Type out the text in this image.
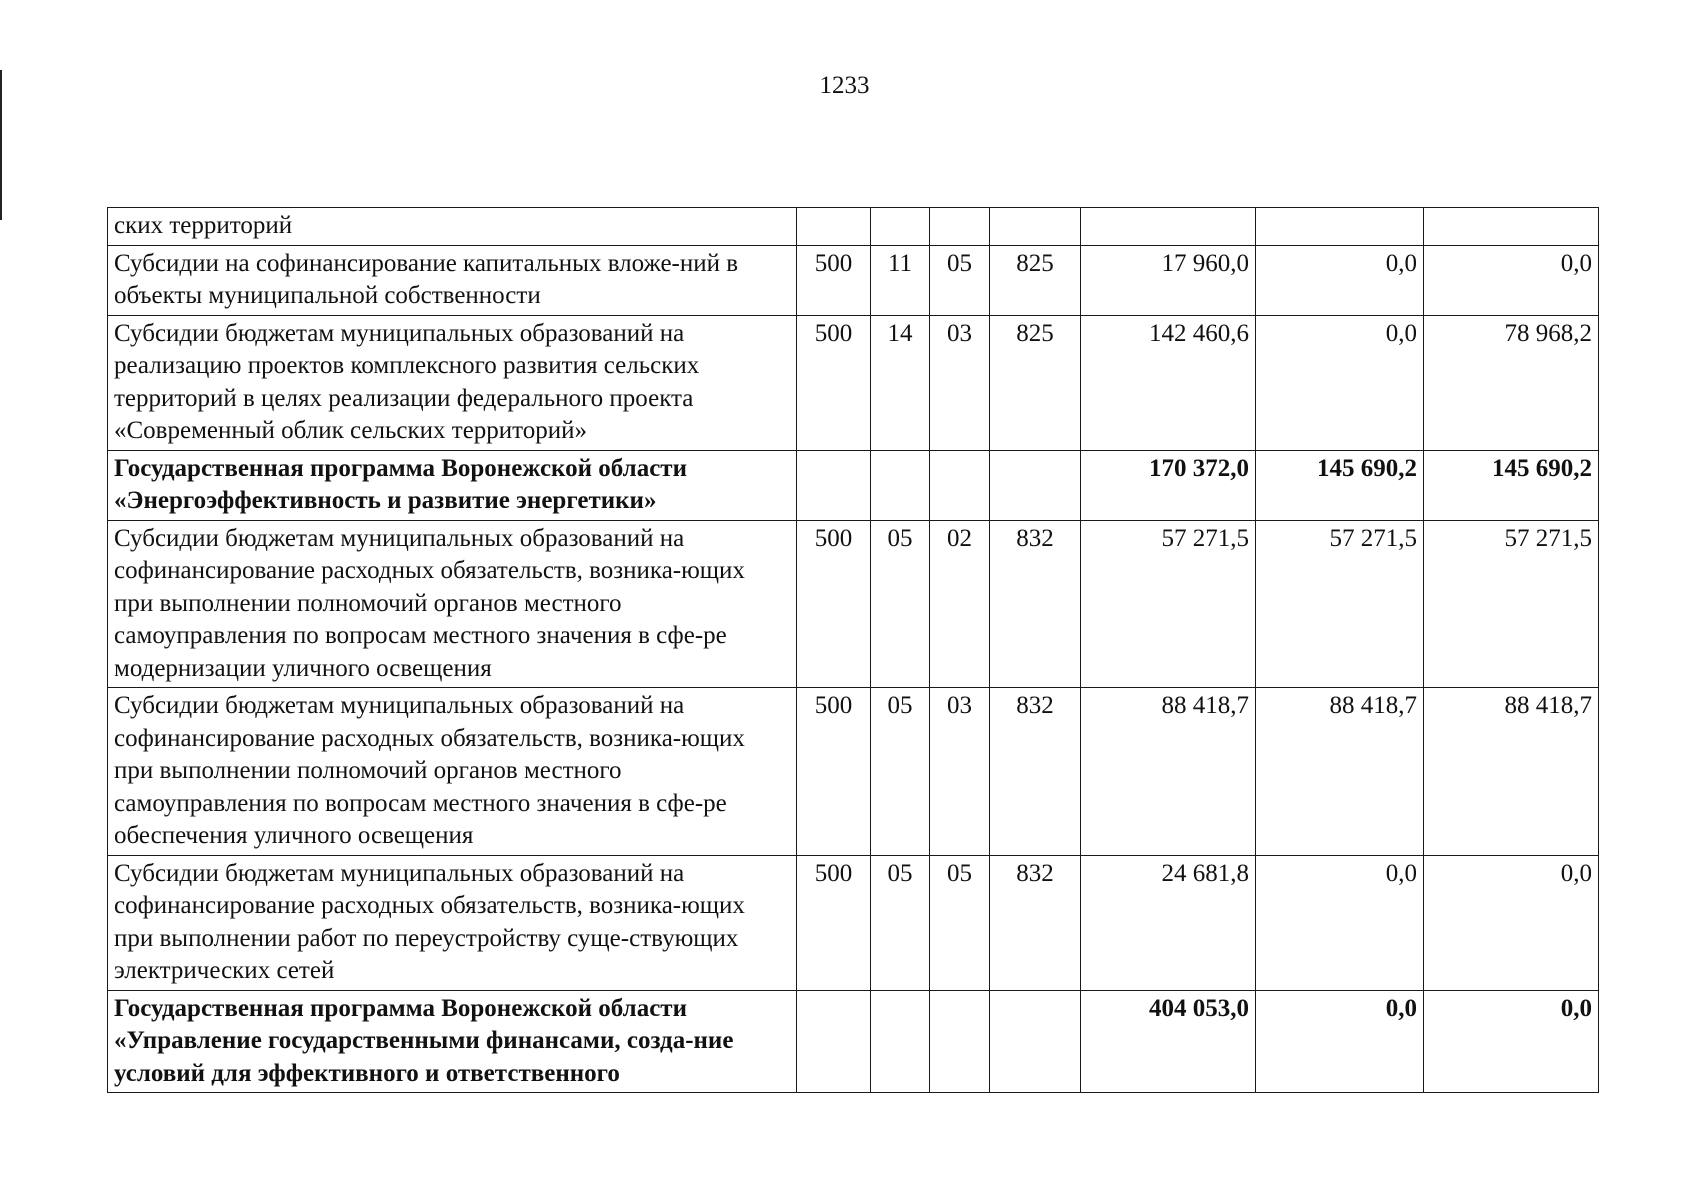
1233
ских территорий							
Субсидии на софинансирование капитальных вложе-ний в объекты муниципальной собственности	500	11	05	825	17 960,0	0,0	0,0
Субсидии бюджетам муниципальных образований на реализацию проектов комплексного развития сельских территорий в целях реализации федерального проекта «Современный облик сельских территорий»	500	14	03	825	142 460,6	0,0	78 968,2
Государственная программа Воронежской области «Энергоэффективность и развитие энергетики»					170 372,0	145 690,2	145 690,2
Субсидии бюджетам муниципальных образований на софинансирование расходных обязательств, возника-ющих при выполнении полномочий органов местного самоуправления по вопросам местного значения в сфе-ре модернизации уличного освещения	500	05	02	832	57 271,5	57 271,5	57 271,5
Субсидии бюджетам муниципальных образований на софинансирование расходных обязательств, возника-ющих при выполнении полномочий органов местного самоуправления по вопросам местного значения в сфе-ре обеспечения уличного освещения	500	05	03	832	88 418,7	88 418,7	88 418,7
Субсидии бюджетам муниципальных образований на софинансирование расходных обязательств, возника-ющих при выполнении работ по переустройству суще-ствующих электрических сетей	500	05	05	832	24 681,8	0,0	0,0
Государственная программа Воронежской области «Управление государственными финансами, созда-ние условий для эффективного и ответственного					404 053,0	0,0	0,0
